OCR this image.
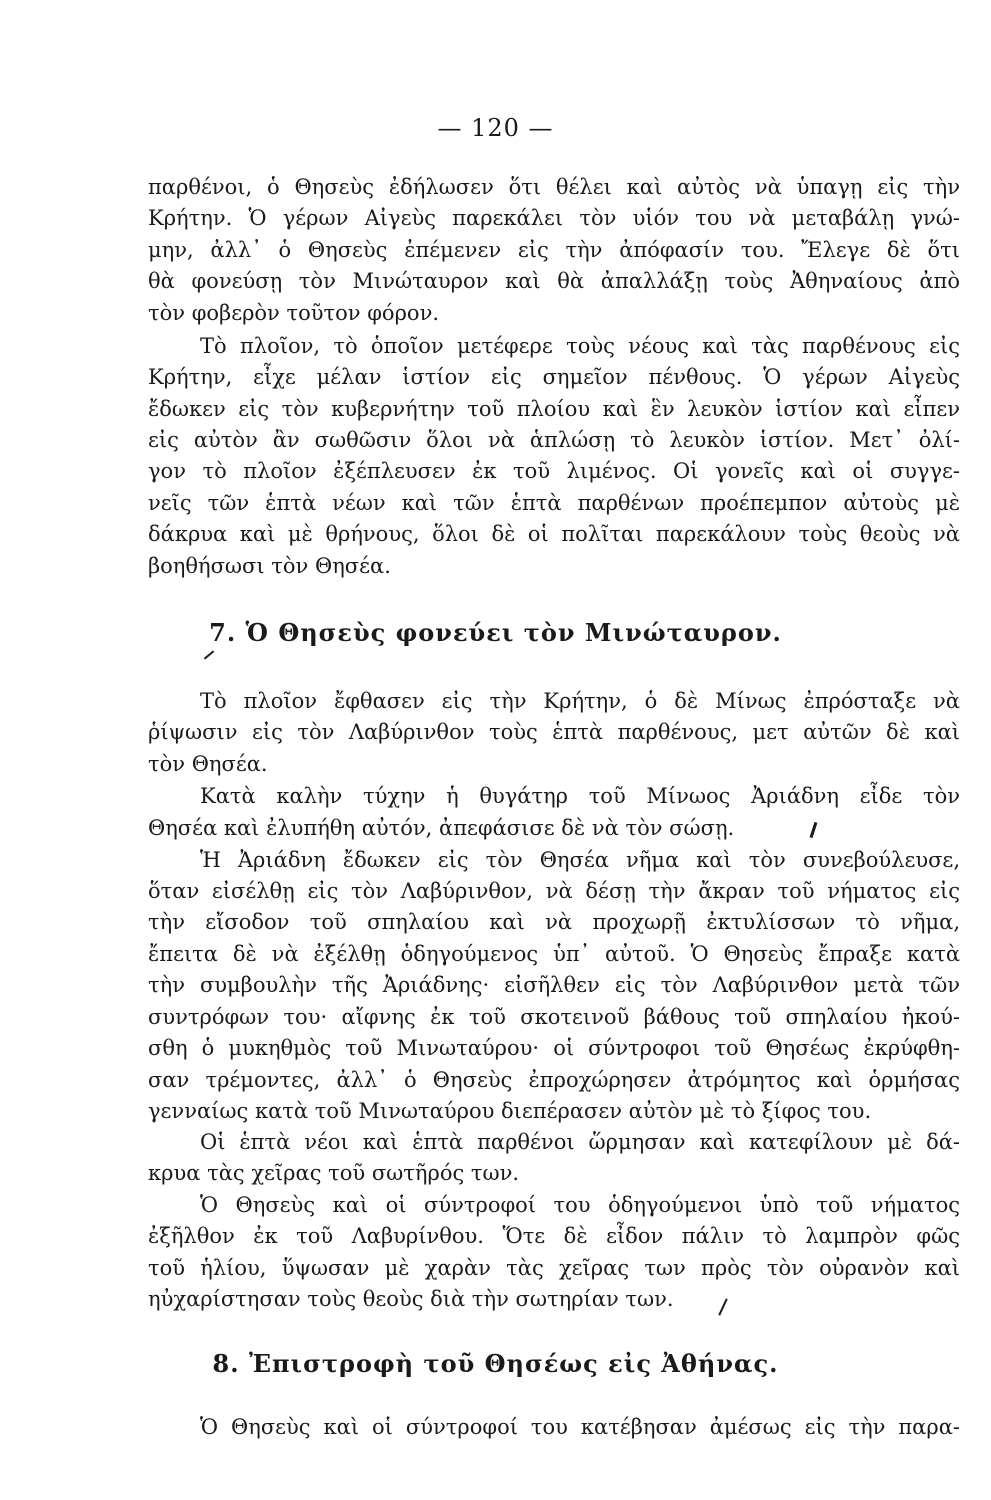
— 120 —
παρθένοι, ὁ Θησεὺς ἐδήλωσεν ὅτι θέλει καὶ αὐτὸς νὰ ὑπαγῃ εἰς τὴν
Κρήτην. Ὁ γέρων Αἰγεὺς παρεκάλει τὸν υἱόν του νὰ μεταβάλῃ γνώ-
μην, ἀλλ᾽ ὁ Θησεὺς ἐπέμενεν εἰς τὴν ἀπόφασίν του. Ἔλεγε δὲ ὅτι
θὰ φονεύσῃ τὸν Μινώταυρον καὶ θὰ ἀπαλλάξῃ τοὺς Ἀθηναίους ἀπὸ
τὸν φοβερὸν τοῦτον φόρον.
Τὸ πλοῖον, τὸ ὁποῖον μετέφερε τοὺς νέους καὶ τὰς παρθένους εἰς
Κρήτην, εἶχε μέλαν ἱστίον εἰς σημεῖον πένθους. Ὁ γέρων Αἰγεὺς
ἔδωκεν εἰς τὸν κυβερνήτην τοῦ πλοίου καὶ ἓν λευκὸν ἱστίον καὶ εἶπεν
εἰς αὐτὸν ἂν σωθῶσιν ὅλοι νὰ ἁπλώσῃ τὸ λευκὸν ἱστίον. Μετ᾽ ὀλί-
γον τὸ πλοῖον ἐξέπλευσεν ἐκ τοῦ λιμένος. Οἱ γονεῖς καὶ οἱ συγγε-
νεῖς τῶν ἑπτὰ νέων καὶ τῶν ἑπτὰ παρθένων προέπεμπον αὐτοὺς μὲ
δάκρυα καὶ μὲ θρήνους, ὅλοι δὲ οἱ πολῖται παρεκάλουν τοὺς θεοὺς νὰ
βοηθήσωσι τὸν Θησέα.
7. Ὁ Θησεὺς φονεύει τὸν Μινώταυρον.
Τὸ πλοῖον ἔφθασεν εἰς τὴν Κρήτην, ὁ δὲ Μίνως ἐπρόσταξε νὰ
ῥίψωσιν εἰς τὸν Λαβύρινθον τοὺς ἑπτὰ παρθένους, μετ αὐτῶν δὲ καὶ
τὸν Θησέα.
Κατὰ καλὴν τύχην ἡ θυγάτηρ τοῦ Μίνωος Ἀριάδνη εἶδε τὸν
Θησέα καὶ ἐλυπήθη αὐτόν, ἀπεφάσισε δὲ νὰ τὸν σώσῃ.
Ἡ Ἀριάδνη ἔδωκεν εἰς τὸν Θησέα νῆμα καὶ τὸν συνεβούλευσε,
ὅταν εἰσέλθῃ εἰς τὸν Λαβύρινθον, νὰ δέσῃ τὴν ἄκραν τοῦ νήματος εἰς
τὴν εἴσοδον τοῦ σπηλαίου καὶ νὰ προχωρῇ ἐκτυλίσσων τὸ νῆμα,
ἔπειτα δὲ νὰ ἐξέλθῃ ὁδηγούμενος ὑπ᾽ αὐτοῦ. Ὁ Θησεὺς ἔπραξε κατὰ
τὴν συμβουλὴν τῆς Ἀριάδνης· εἰσῆλθεν εἰς τὸν Λαβύρινθον μετὰ τῶν
συντρόφων του· αἴφνης ἐκ τοῦ σκοτεινοῦ βάθους τοῦ σπηλαίου ἠκού-
σθη ὁ μυκηθμὸς τοῦ Μινωταύρου· οἱ σύντροφοι τοῦ Θησέως ἐκρύφθη-
σαν τρέμοντες, ἀλλ᾽ ὁ Θησεὺς ἐπροχώρησεν ἀτρόμητος καὶ ὁρμήσας
γενναίως κατὰ τοῦ Μινωταύρου διεπέρασεν αὐτὸν μὲ τὸ ξίφος του.
Οἱ ἑπτὰ νέοι καὶ ἑπτὰ παρθένοι ὥρμησαν καὶ κατεφίλουν μὲ δά-
κρυα τὰς χεῖρας τοῦ σωτῆρός των.
Ὁ Θησεὺς καὶ οἱ σύντροφοί του ὁδηγούμενοι ὑπὸ τοῦ νήματος
ἐξῆλθον ἐκ τοῦ Λαβυρίνθου. Ὅτε δὲ εἶδον πάλιν τὸ λαμπρὸν φῶς
τοῦ ἡλίου, ὕψωσαν μὲ χαρὰν τὰς χεῖρας των πρὸς τὸν οὐρανὸν καὶ
ηὐχαρίστησαν τοὺς θεοὺς διὰ τὴν σωτηρίαν των.
8. Ἐπιστροφὴ τοῦ Θησέως εἰς Ἀθήνας.
Ὁ Θησεὺς καὶ οἱ σύντροφοί του κατέβησαν ἀμέσως εἰς τὴν παρα-
